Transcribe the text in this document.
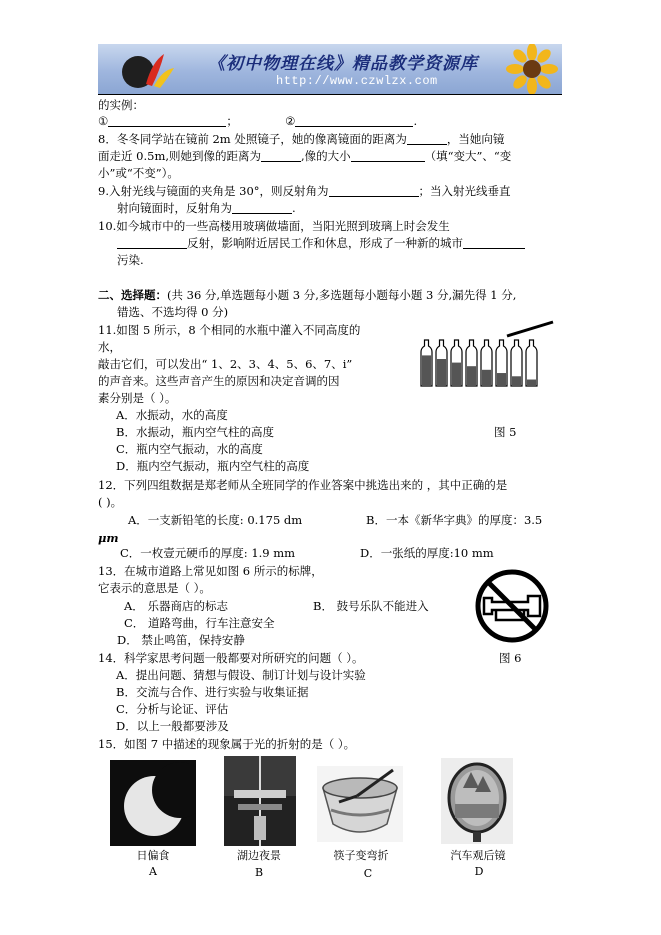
《初中物理在线》精品教学资源库
http://www.czwlzx.com
的实例：
①	；	②	.
8．冬冬同学站在镜前 2m 处照镜子，她的像离镜面的距离为	，当她向镜
面走近 0.5m,则她到像的距离为	,像的大小	（填“变大”、“变
小”或“不变”）。
9.入射光线与镜面的夹角是 30°，则反射角为	；当入射光线垂直
射向镜面时，反射角为	.
10.如今城市中的一些高楼用玻璃做墙面，当阳光照到玻璃上时会发生
反射，影响附近居民工作和休息，形成了一种新的城市
污染.
二、选择题：(共 36 分,单选题每小题 3 分,多选题每小题每小题 3 分,漏先得 1 分,
错选、不选均得 0 分)
11.如图 5 所示，8 个相同的水瓶中灌入不同高度的
水，
敲击它们，可以发出“ 1、2、3、4、5、6、7、i”
的声音来。这些声音产生的原因和决定音调的因
素分别是（ ）。
A．水振动，水的高度
B．水振动，瓶内空气柱的高度
C．瓶内空气振动，水的高度
D．瓶内空气振动，瓶内空气柱的高度
图 5
12．下列四组数据是郑老师从全班同学的作业答案中挑选出来的 ，其中正确的是
( )。
A．一支新铅笔的长度: 0.175 dm	B．一本《新华字典》的厚度：3.5
μm
C．一枚壹元硬币的厚度: 1.9 mm	D．一张纸的厚度:10 mm
13．在城市道路上常见如图 6 所示的标牌，
它表示的意思是（ ）。
A． 乐器商店的标志	B． 鼓号乐队不能进入
C． 道路弯曲，行车注意安全
D． 禁止鸣笛，保持安静
图 6
14．科学家思考问题一般都要对所研究的问题（ ）。
A．提出问题、猜想与假设、制订计划与设计实验
B．交流与合作、进行实验与收集证据
C．分析与论证、评估
D．以上一般都要涉及
15．如图 7 中描述的现象属于光的折射的是（ ）。
日偏食	湖边夜景	筷子变弯折	汽车观后镜
A	B	C	D
